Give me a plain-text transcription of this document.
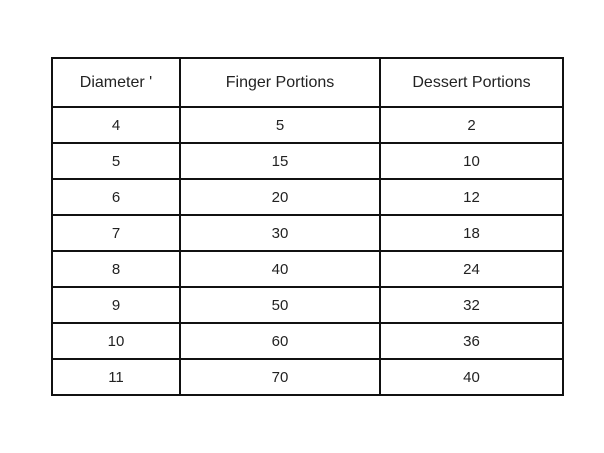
Diameter '	Finger Portions	Dessert Portions
4	5	2
5	15	10
6	20	12
7	30	18
8	40	24
9	50	32
10	60	36
11	70	40
